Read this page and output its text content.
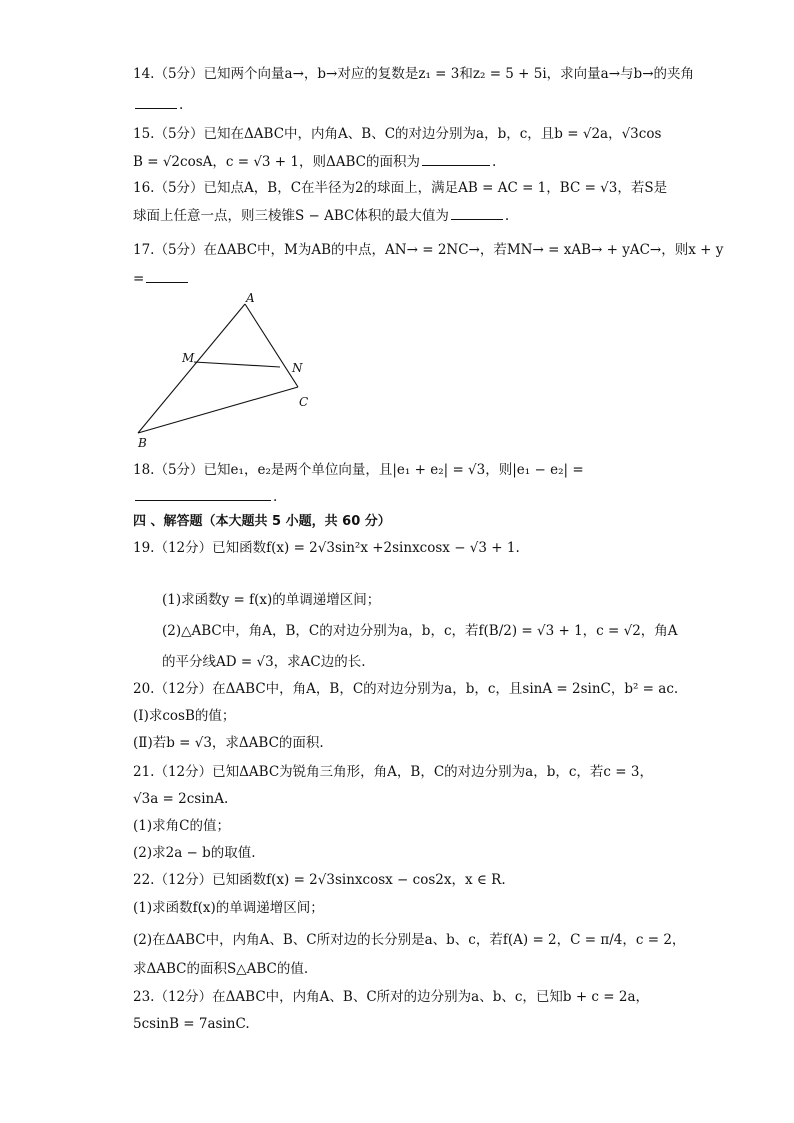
14.（5分）已知两个向量a→，b→对应的复数是z₁ = 3和z₂ = 5 + 5i，求向量a→与b→的夹角
.
15.（5分）已知在ΔABC中，内角A、B、C的对边分别为a，b，c，且b = √2a，√3cos
B = √2cosA，c = √3 + 1，则ΔABC的面积为	.
16.（5分）已知点A，B，C在半径为2的球面上，满足AB = AC = 1，BC = √3，若S是
球面上任意一点，则三棱锥S − ABC体积的最大值为	.
17.（5分）在ΔABC中，M为AB的中点，AN→ = 2NC→，若MN→ = xAB→ + yAC→，则x + y
=
A
M
N
C
B
18.（5分）已知e₁，e₂是两个单位向量，且|e₁ + e₂| = √3，则|e₁ − e₂| =
.
四 、解答题（本大题共 5 小题，共 60 分）
19.（12分）已知函数f(x) = 2√3sin²x +2sinxcosx − √3 + 1.
(1)求函数y = f(x)的单调递增区间；
(2)△ABC中，角A，B，C的对边分别为a，b，c，若f(B/2) = √3 + 1，c = √2，角A
的平分线AD = √3，求AC边的长.
20.（12分）在ΔABC中，角A，B，C的对边分别为a，b，c，且sinA = 2sinC，b² = ac.
(Ⅰ)求cosB的值；
(Ⅱ)若b = √3，求ΔABC的面积.
21.（12分）已知ΔABC为锐角三角形，角A，B，C的对边分别为a，b，c，若c = 3，
√3a = 2csinA.
(1)求角C的值；
(2)求2a − b的取值.
22.（12分）已知函数f(x) = 2√3sinxcosx − cos2x，x ∈ R.
(1)求函数f(x)的单调递增区间；
(2)在ΔABC中，内角A、B、C所对边的长分别是a、b、c，若f(A) = 2，C = π/4，c = 2，
求ΔABC的面积S△ABC的值.
23.（12分）在ΔABC中，内角A、B、C所对的边分别为a、b、c，已知b + c = 2a，
5csinB = 7asinC.
